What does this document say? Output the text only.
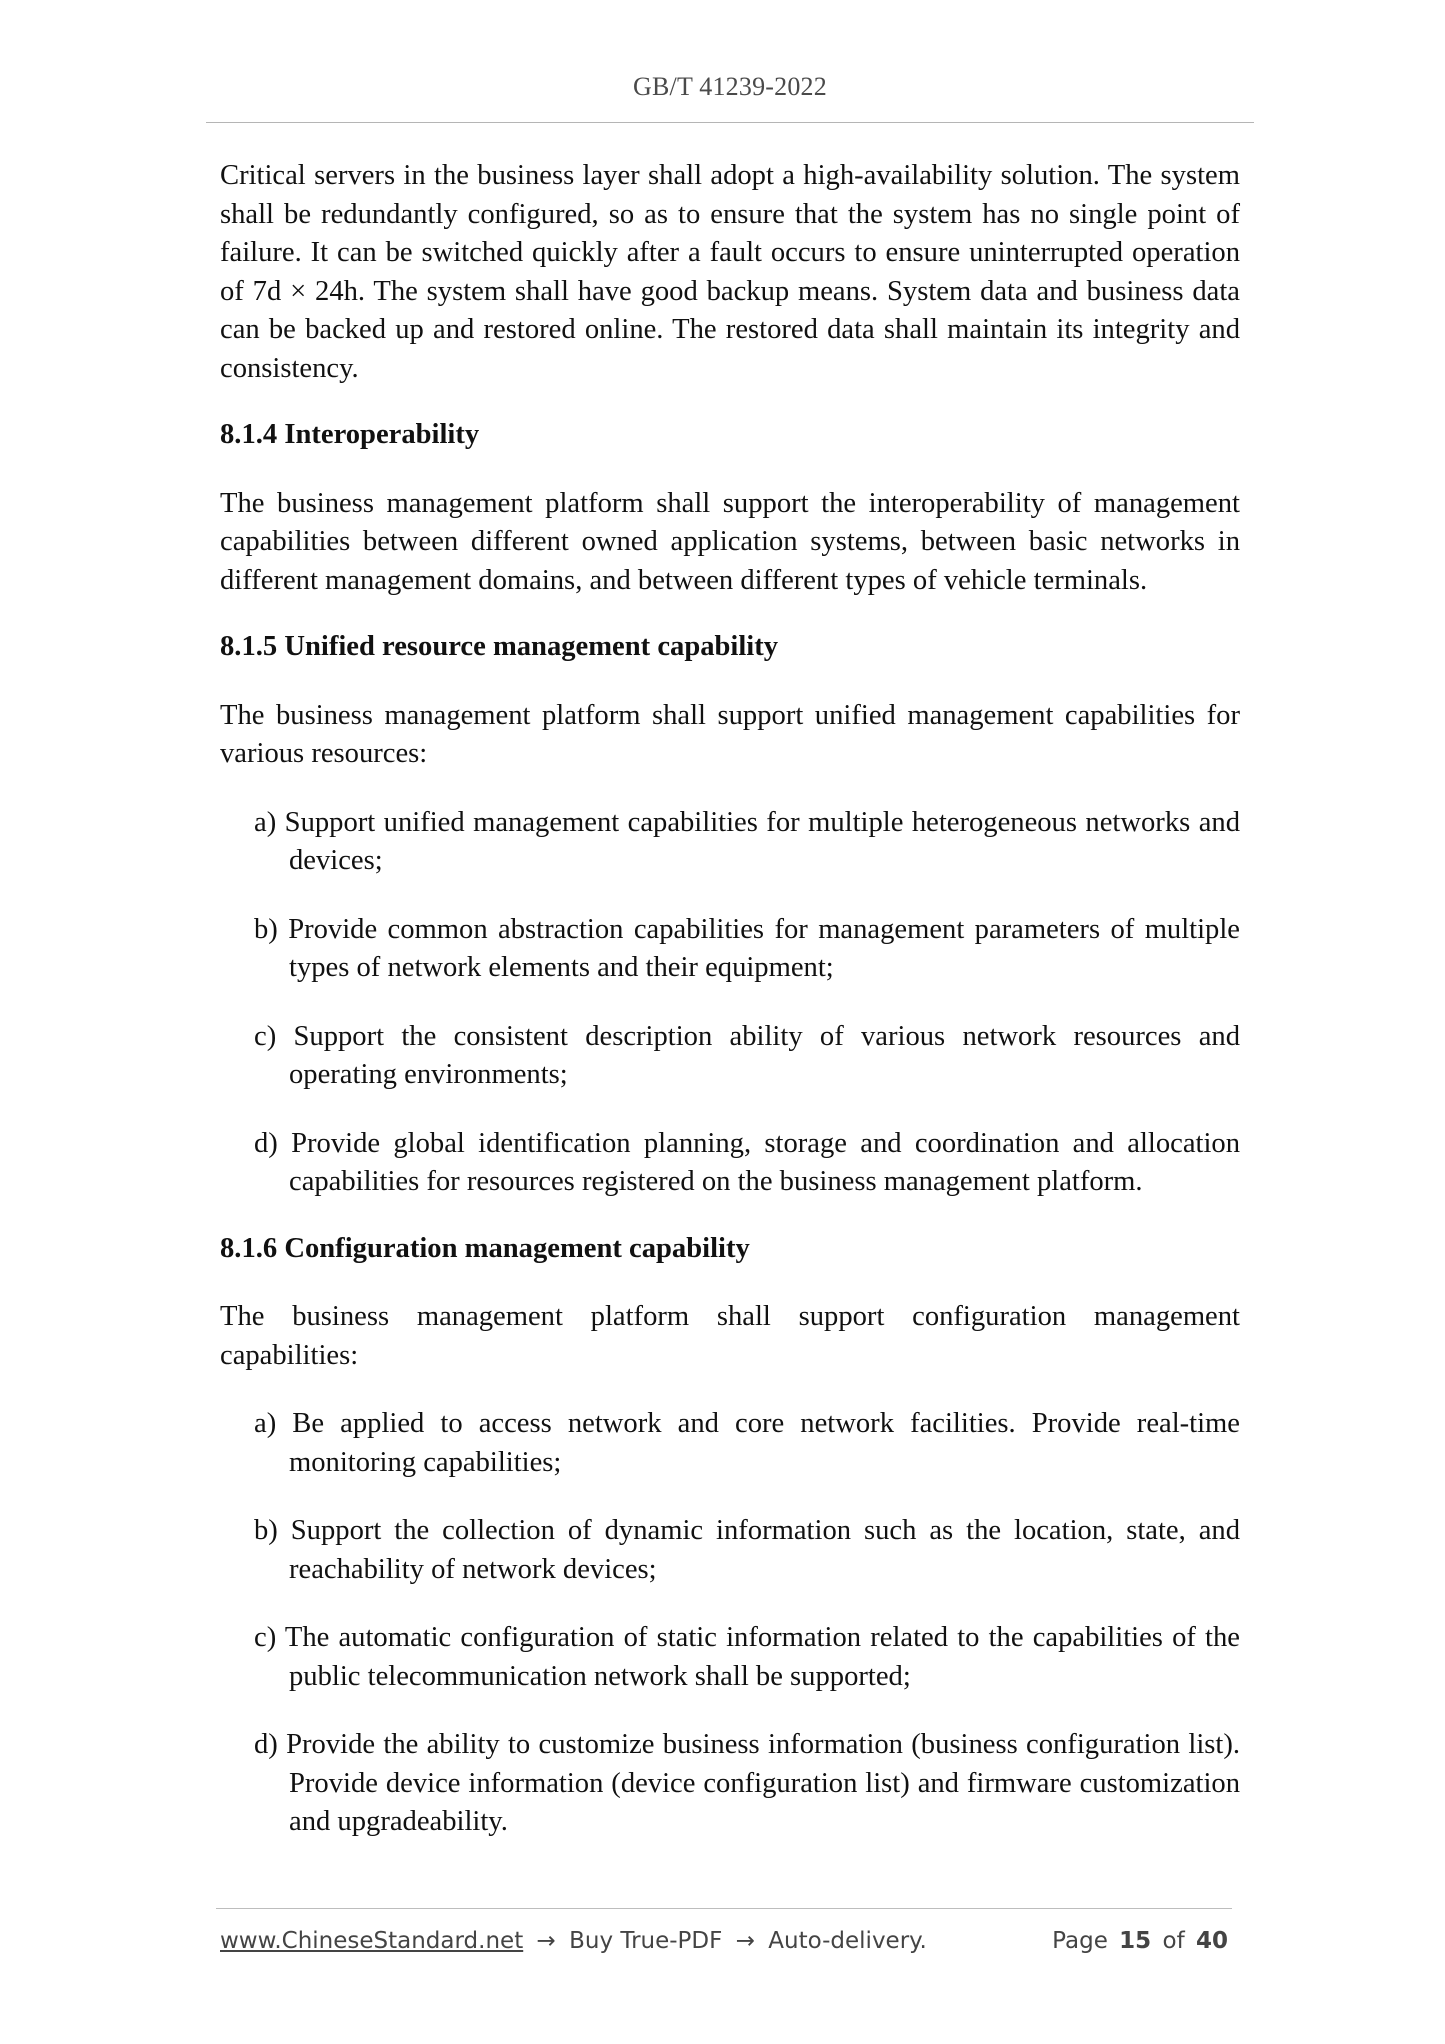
GB/T 41239-2022

Critical servers in the business layer shall adopt a high-availability solution. The system shall be redundantly configured, so as to ensure that the system has no single point of failure. It can be switched quickly after a fault occurs to ensure uninterrupted operation of 7d × 24h. The system shall have good backup means. System data and business data can be backed up and restored online. The restored data shall maintain its integrity and consistency.

8.1.4 Interoperability

The business management platform shall support the interoperability of management capabilities between different owned application systems, between basic networks in different management domains, and between different types of vehicle terminals.

8.1.5 Unified resource management capability

The business management platform shall support unified management capabilities for various resources:

a) Support unified management capabilities for multiple heterogeneous networks and devices;

b) Provide common abstraction capabilities for management parameters of multiple types of network elements and their equipment;

c) Support the consistent description ability of various network resources and operating environments;

d) Provide global identification planning, storage and coordination and allocation capabilities for resources registered on the business management platform.

8.1.6 Configuration management capability

The business management platform shall support configuration management capabilities:

a) Be applied to access network and core network facilities. Provide real-time monitoring capabilities;

b) Support the collection of dynamic information such as the location, state, and reachability of network devices;

c) The automatic configuration of static information related to the capabilities of the public telecommunication network shall be supported;

d) Provide the ability to customize business information (business configuration list). Provide device information (device configuration list) and firmware customization and upgradeability.

www.ChineseStandard.net → Buy True-PDF → Auto-delivery.	Page 15 of 40
